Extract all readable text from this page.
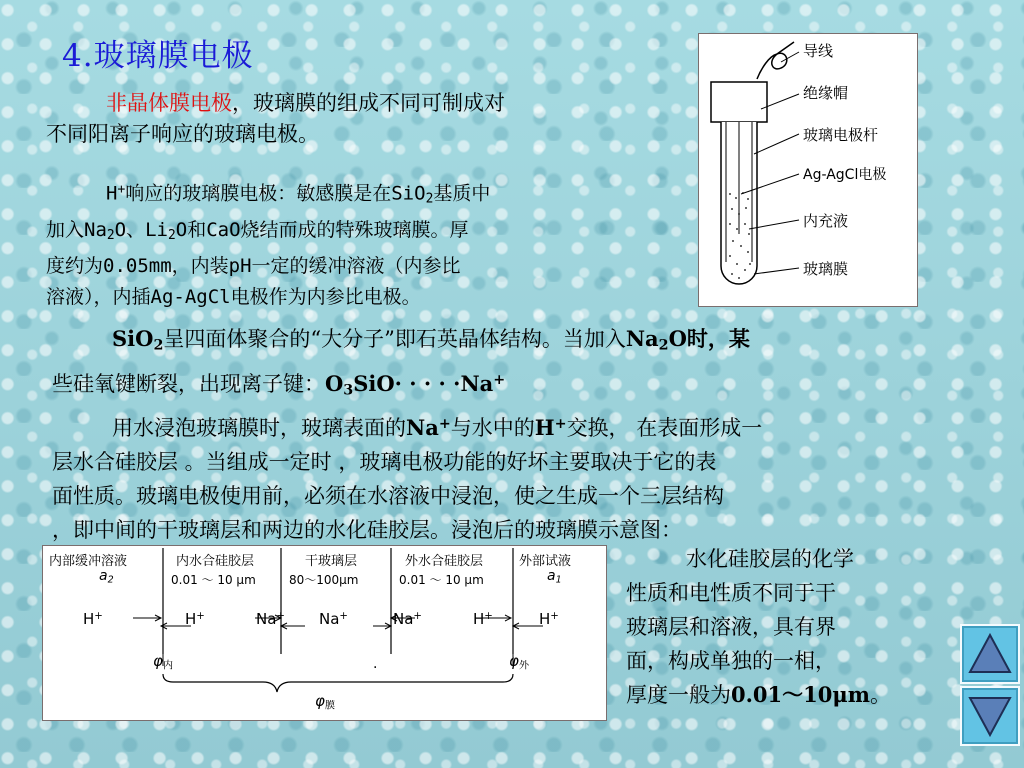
4.玻璃膜电极
非晶体膜电极，玻璃膜的组成不同可制成对
不同阳离子响应的玻璃电极。
H+响应的玻璃膜电极：敏感膜是在SiO$_2$基质中
加入$Na_2O$、$Li_2O$和CaO烧结而成的特殊玻璃膜。厚
度约为0.05mm，内装pH一定的缓冲溶液（内参比
溶液），内插Ag-AgCl电极作为内参比电极。
导线
绝缘帽
玻璃电极杆
Ag-AgCl电极
内充液
玻璃膜
SiO$_2$呈四面体聚合的“大分子”即石英晶体结构。当加入$Na_2O$时，某
些硅氧键断裂，出现离子键：$O_3SiO\cdot$ · · · ·Na+
用水浸泡玻璃膜时，玻璃表面的Na+与水中的H+交换， 在表面形成一
层水合硅胶层 。当组成一定时 ，玻璃电极功能的好坏主要取决于它的表
面性质。玻璃电极使用前，必须在水溶液中浸泡，使之生成一个三层结构
，即中间的干玻璃层和两边的水化硅胶层。浸泡后的玻璃膜示意图：
内部缓冲溶液
$a_2$
内水合硅胶层
0.01 ～ 10 μm
干玻璃层
80～100μm
外水合硅胶层
0.01 ～ 10 μm
外部试液
$a_1$
H+	H+	Na+ Na+	Na+	H+	H+
$\varphi_内$	$\varphi_外$
.
$\varphi_膜$
水化硅胶层的化学
性质和电性质不同于干
玻璃层和溶液，具有界
面，构成单独的一相，
厚度一般为0.01～10μm。
